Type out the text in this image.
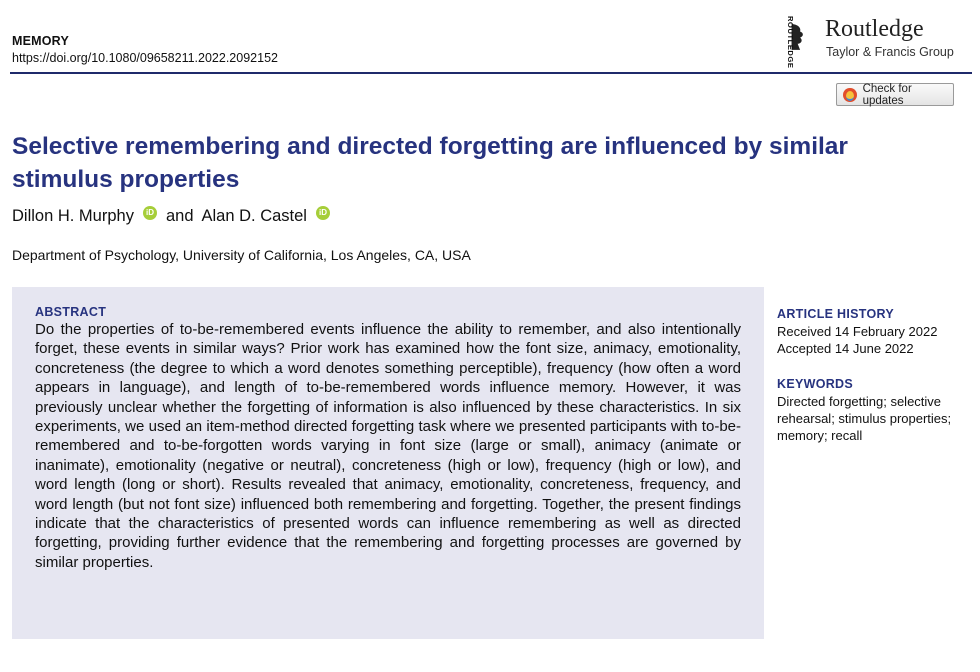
MEMORY
https://doi.org/10.1080/09658211.2022.2092152	ROUTLEDGE Routledge
Taylor & Francis Group
Check for updates
Selective remembering and directed forgetting are influenced by similar stimulus properties
Dillon H. Murphy	iD and Alan D. Castel	iD
Department of Psychology, University of California, Los Angeles, CA, USA
ABSTRACT

Do the properties of to-be-remembered events influence the ability to remember, and also intentionally forget, these events in similar ways? Prior work has examined how the font size, animacy, emotionality, concreteness (the degree to which a word denotes something perceptible), frequency (how often a word appears in language), and length of to-be-remembered words influence memory. However, it was previously unclear whether the forgetting of information is also influenced by these characteristics. In six experiments, we used an item-method directed forgetting task where we presented participants with to-be-remembered and to-be-forgotten words varying in font size (large or small), animacy (animate or inanimate), emotionality (negative or neutral), concreteness (high or low), frequency (high or low), and word length (long or short). Results revealed that animacy, emotionality, concreteness, frequency, and word length (but not font size) influenced both remembering and forgetting. Together, the present findings indicate that the characteristics of presented words can influence remembering as well as directed forgetting, providing further evidence that the remembering and forgetting processes are governed by similar properties.

ARTICLE HISTORY
Received 14 February 2022
Accepted 14 June 2022
KEYWORDS
Directed forgetting; selective rehearsal; stimulus properties; memory; recall
